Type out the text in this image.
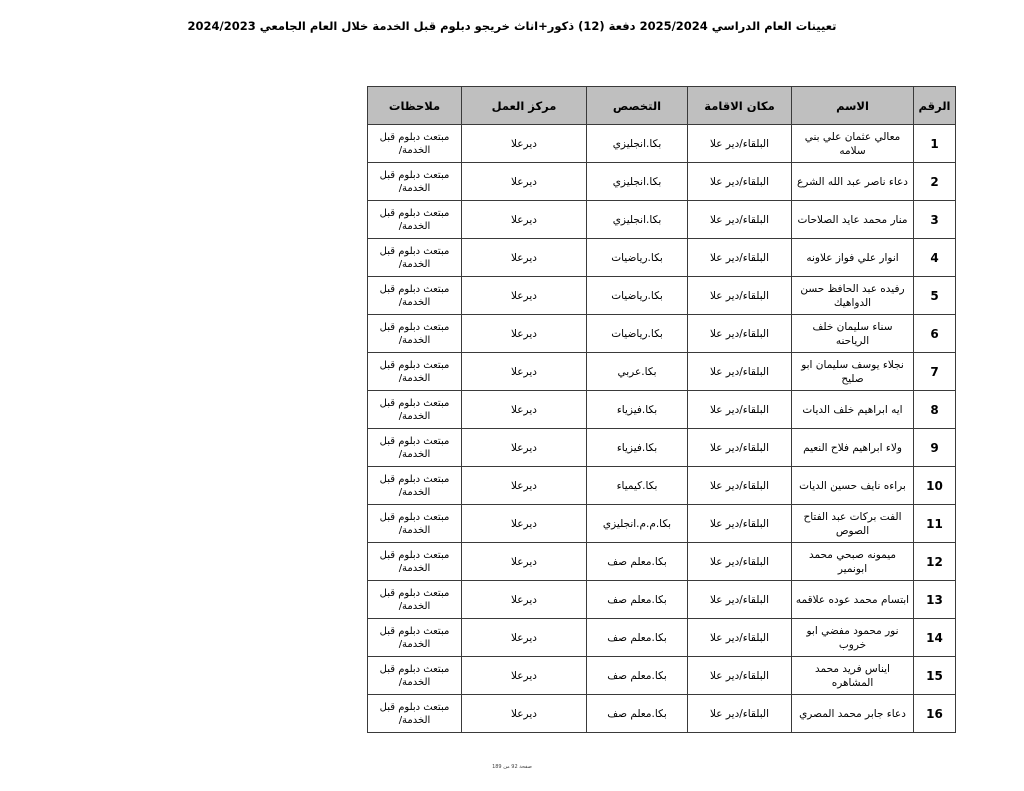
تعيينات العام الدراسي 2025/2024 دفعة (12) ذكور+اناث خريجو دبلوم قبل الخدمة خلال العام الجامعي 2024/2023
الرقم	الاسم	مكان الاقامة	التخصص	مركز العمل	ملاحظات
1	معالي عثمان علي بني سلامه	البلقاء/دير علا	بكا.انجليزي	ديرعلا	مبتعث دبلوم قبل الخدمة/
2	دعاء ناصر عبد الله الشرع	البلقاء/دير علا	بكا.انجليزي	ديرعلا	مبتعث دبلوم قبل الخدمة/
3	منار محمد عايد الصلاحات	البلقاء/دير علا	بكا.انجليزي	ديرعلا	مبتعث دبلوم قبل الخدمة/
4	انوار علي فواز علاونه	البلقاء/دير علا	بكا.رياضيات	ديرعلا	مبتعث دبلوم قبل الخدمة/
5	رفيده عبد الحافظ حسن الدواهيك	البلقاء/دير علا	بكا.رياضيات	ديرعلا	مبتعث دبلوم قبل الخدمة/
6	سناء سليمان خلف الرياحنه	البلقاء/دير علا	بكا.رياضيات	ديرعلا	مبتعث دبلوم قبل الخدمة/
7	نجلاء يوسف سليمان ابو صليح	البلقاء/دير علا	بكا.عربي	ديرعلا	مبتعث دبلوم قبل الخدمة/
8	ايه ابراهيم خلف الديات	البلقاء/دير علا	بكا.فيزياء	ديرعلا	مبتعث دبلوم قبل الخدمة/
9	ولاء ابراهيم فلاح النعيم	البلقاء/دير علا	بكا.فيزياء	ديرعلا	مبتعث دبلوم قبل الخدمة/
10	براءه نايف حسين الديات	البلقاء/دير علا	بكا.كيمياء	ديرعلا	مبتعث دبلوم قبل الخدمة/
11	الفت بركات عبد الفتاح الصوص	البلقاء/دير علا	بكا.م.م.انجليزي	ديرعلا	مبتعث دبلوم قبل الخدمة/
12	ميمونه صبحي محمد ابونمير	البلقاء/دير علا	بكا.معلم صف	ديرعلا	مبتعث دبلوم قبل الخدمة/
13	ابتسام محمد عوده علاقمه	البلقاء/دير علا	بكا.معلم صف	ديرعلا	مبتعث دبلوم قبل الخدمة/
14	نور محمود مفضي ابو خروب	البلقاء/دير علا	بكا.معلم صف	ديرعلا	مبتعث دبلوم قبل الخدمة/
15	ايناس فريد محمد المشاهره	البلقاء/دير علا	بكا.معلم صف	ديرعلا	مبتعث دبلوم قبل الخدمة/
16	دعاء جابر محمد المصري	البلقاء/دير علا	بكا.معلم صف	ديرعلا	مبتعث دبلوم قبل الخدمة/
صفحة 92 من 189
